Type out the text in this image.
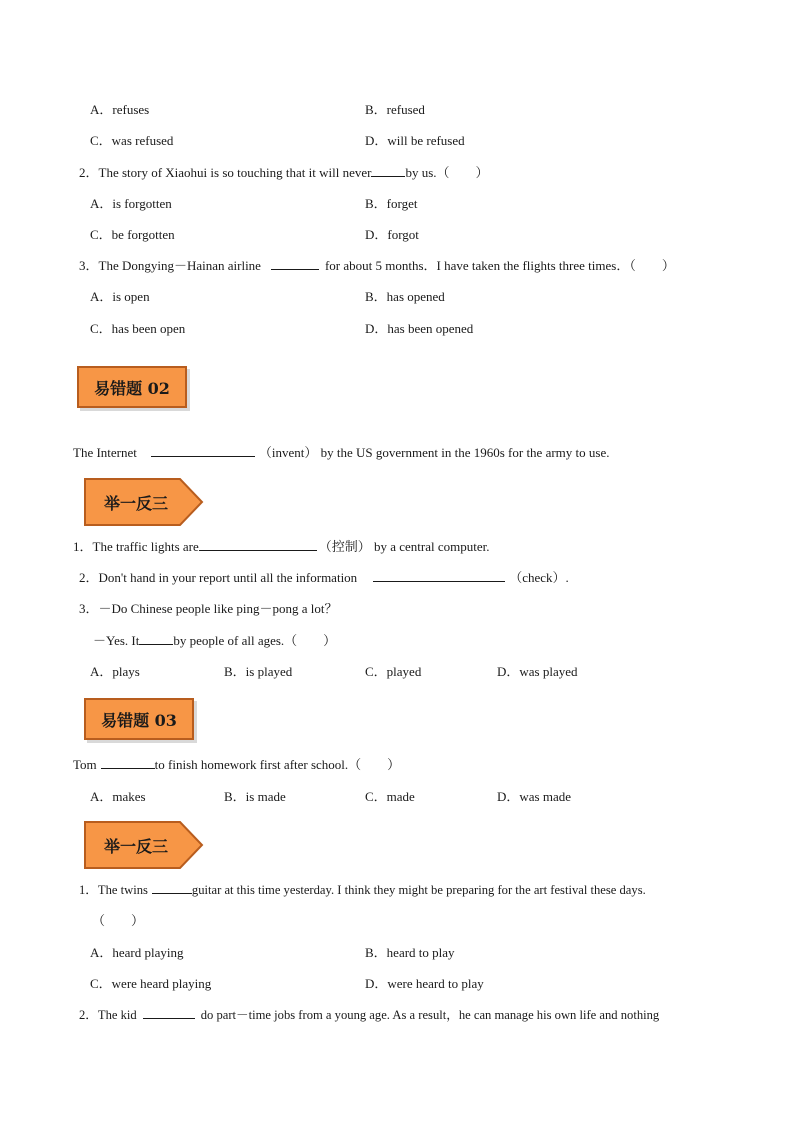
A．refuses	B．refused
C．was refused	D．will be refused
2．The story of Xiaohui is so touching that it will never	by us.（　　）
A．is forgotten	B．forget
C．be forgotten	D．forgot
3．The Dongying－Hainan airline	for about 5 months．I have taken the flights three times．（　　）
A．is open	B．has opened
C．has been open	D．has been opened
易错题 02
The Internet	（invent） by the US government in the 1960s for the army to use.
举一反三
1．The traffic lights are	（控制） by a central computer.
2．Don't hand in your report until all the information	（check）.
3．－Do Chinese people like ping－pong a lot？
－Yes. It	by people of all ages.（　　）
A．plays	B．is played	C．played	D．was played
易错题 03
Tom	to finish homework first after school.（　　）
A．makes	B．is made	C．made	D．was made
举一反三
1．The twins	guitar at this time yesterday. I think they might be preparing for the art festival these days.
（　　）
A．heard playing	B．heard to play
C．were heard playing	D．were heard to play
2．The kid	do part－time jobs from a young age. As a result，he can manage his own life and nothing
